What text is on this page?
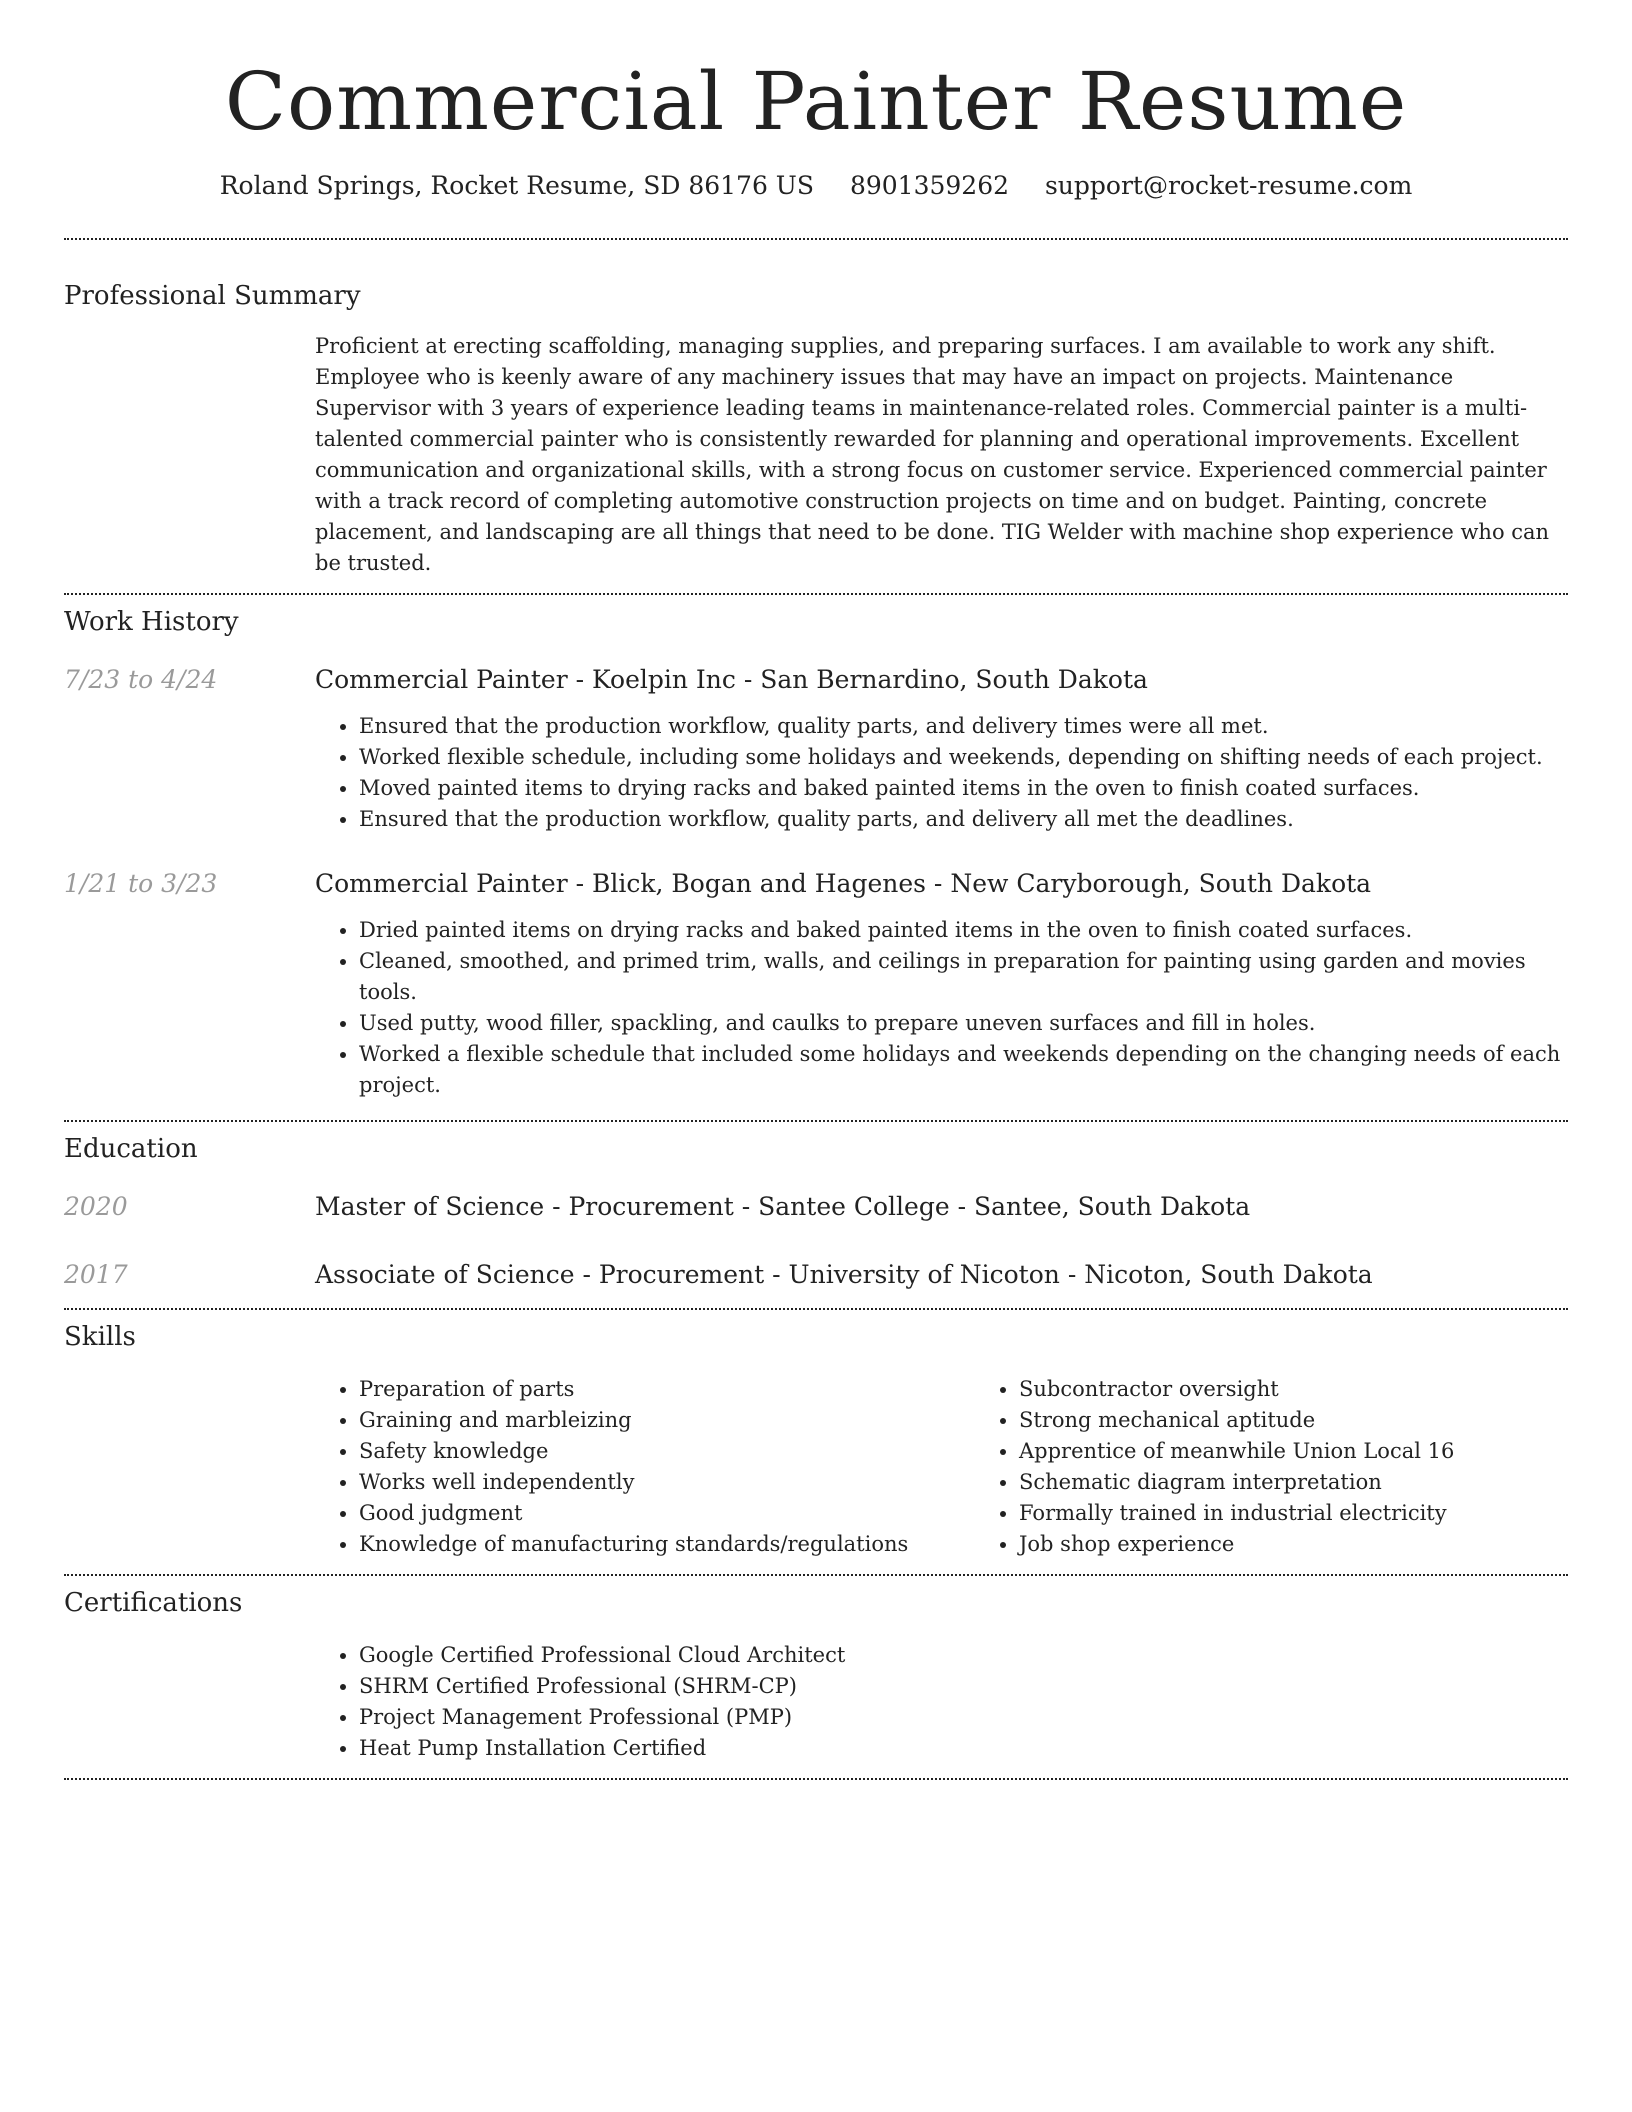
Commercial Painter Resume
Roland Springs, Rocket Resume, SD 86176 US 8901359262 support@rocket-resume.com
Professional Summary

Proficient at erecting scaffolding, managing supplies, and preparing surfaces. I am available to work any shift. Employee who is keenly aware of any machinery issues that may have an impact on projects. Maintenance Supervisor with 3 years of experience leading teams in maintenance-related roles. Commercial painter is a multi-talented commercial painter who is consistently rewarded for planning and operational improvements. Excellent communication and organizational skills, with a strong focus on customer service. Experienced commercial painter with a track record of completing automotive construction projects on time and on budget. Painting, concrete placement, and landscaping are all things that need to be done. TIG Welder with machine shop experience who can be trusted.

Work History
7/23 to 4/24	Commercial Painter - Koelpin Inc - San Bernardino, South Dakota
• Ensured that the production workflow, quality parts, and delivery times were all met.
• Worked flexible schedule, including some holidays and weekends, depending on shifting needs of each project.
• Moved painted items to drying racks and baked painted items in the oven to finish coated surfaces.
• Ensured that the production workflow, quality parts, and delivery all met the deadlines.
1/21 to 3/23	Commercial Painter - Blick, Bogan and Hagenes - New Caryborough, South Dakota
• Dried painted items on drying racks and baked painted items in the oven to finish coated surfaces.
• Cleaned, smoothed, and primed trim, walls, and ceilings in preparation for painting using garden and movies tools.
• Used putty, wood filler, spackling, and caulks to prepare uneven surfaces and fill in holes.
• Worked a flexible schedule that included some holidays and weekends depending on the changing needs of each project.
Education
2020	Master of Science - Procurement - Santee College - Santee, South Dakota
2017	Associate of Science - Procurement - University of Nicoton - Nicoton, South Dakota
Skills
• Preparation of parts
• Graining and marbleizing
• Safety knowledge
• Works well independently
• Good judgment
• Knowledge of manufacturing standards/regulations
• Subcontractor oversight
• Strong mechanical aptitude
• Apprentice of meanwhile Union Local 16
• Schematic diagram interpretation
• Formally trained in industrial electricity
• Job shop experience
Certifications
• Google Certified Professional Cloud Architect
• SHRM Certified Professional (SHRM-CP)
• Project Management Professional (PMP)
• Heat Pump Installation Certified
